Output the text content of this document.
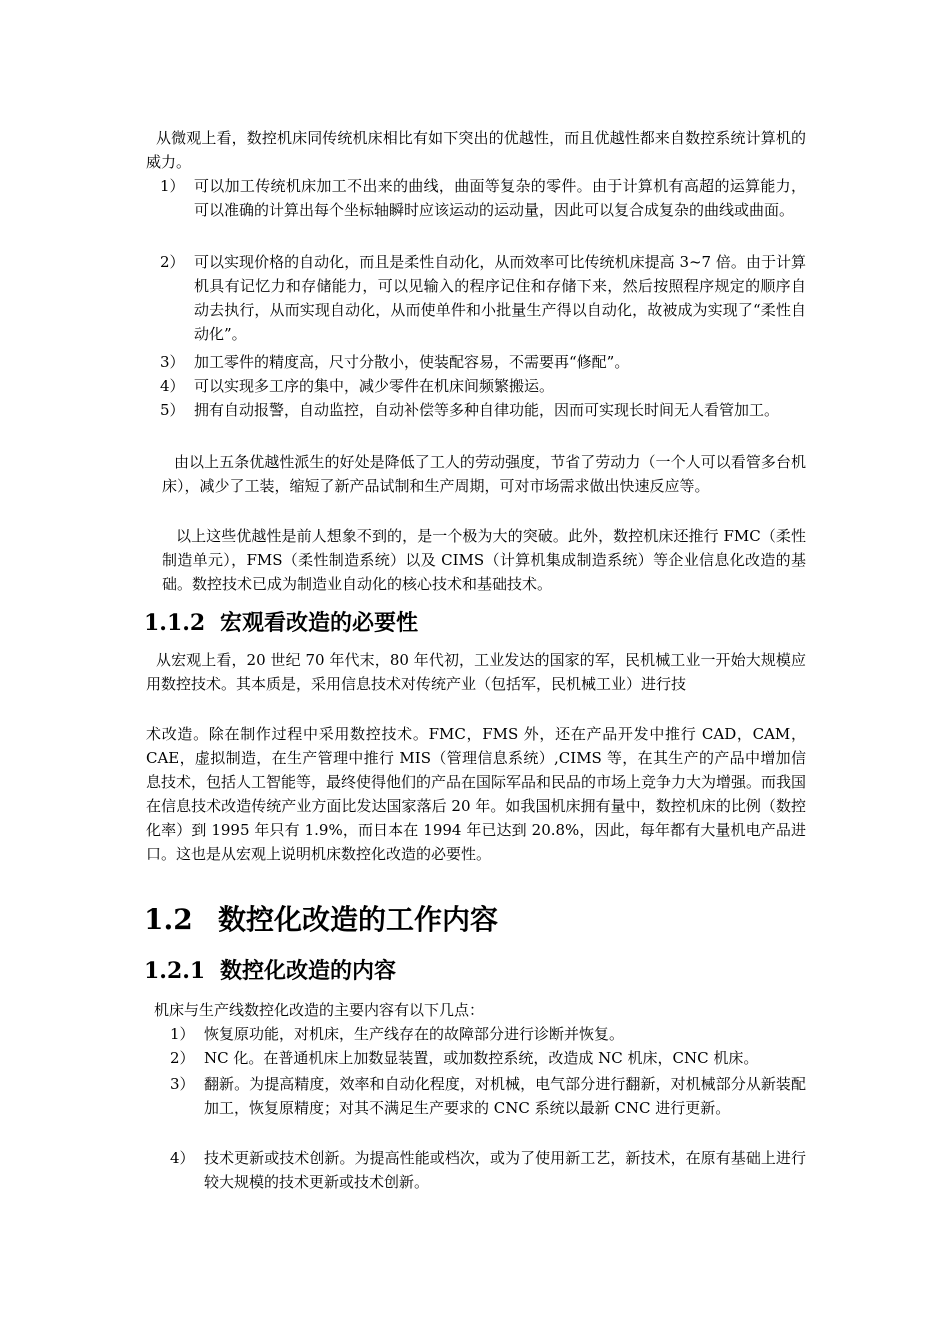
从微观上看，数控机床同传统机床相比有如下突出的优越性，而且优越性都来自数控系统计算机的威力。

1） 可以加工传统机床加工不出来的曲线，曲面等复杂的零件。由于计算机有高超的运算能力，可以准确的计算出每个坐标轴瞬时应该运动的运动量，因此可以复合成复杂的曲线或曲面。
2） 可以实现价格的自动化，而且是柔性自动化，从而效率可比传统机床提高 3~7 倍。由于计算机具有记忆力和存储能力，可以见输入的程序记住和存储下来，然后按照程序规定的顺序自动去执行，从而实现自动化，从而使单件和小批量生产得以自动化，故被成为实现了“柔性自动化”。
3） 加工零件的精度高，尺寸分散小，使装配容易，不需要再“修配”。
4） 可以实现多工序的集中，减少零件在机床间频繁搬运。
5） 拥有自动报警，自动监控，自动补偿等多种自律功能，因而可实现长时间无人看管加工。

由以上五条优越性派生的好处是降低了工人的劳动强度，节省了劳动力（一个人可以看管多台机床），减少了工装，缩短了新产品试制和生产周期，可对市场需求做出快速反应等。

以上这些优越性是前人想象不到的，是一个极为大的突破。此外，数控机床还推行 FMC（柔性制造单元），FMS（柔性制造系统）以及 CIMS（计算机集成制造系统）等企业信息化改造的基础。数控技术已成为制造业自动化的核心技术和基础技术。

1.1.2 宏观看改造的必要性

从宏观上看，20 世纪 70 年代末，80 年代初，工业发达的国家的军，民机械工业一开始大规模应用数控技术。其本质是，采用信息技术对传统产业（包括军，民机械工业）进行技

术改造。除在制作过程中采用数控技术。FMC，FMS 外，还在产品开发中推行 CAD，CAM，CAE，虚拟制造，在生产管理中推行 MIS（管理信息系统）,CIMS 等，在其生产的产品中增加信息技术，包括人工智能等，最终使得他们的产品在国际军品和民品的市场上竞争力大为增强。而我国在信息技术改造传统产业方面比发达国家落后 20 年。如我国机床拥有量中，数控机床的比例（数控化率）到 1995 年只有 1.9%，而日本在 1994 年已达到 20.8%，因此，每年都有大量机电产品进口。这也是从宏观上说明机床数控化改造的必要性。

1.2 数控化改造的工作内容
1.2.1 数控化改造的内容

机床与生产线数控化改造的主要内容有以下几点：

1） 恢复原功能，对机床，生产线存在的故障部分进行诊断并恢复。
2） NC 化。在普通机床上加数显装置，或加数控系统，改造成 NC 机床，CNC 机床。
3） 翻新。为提高精度，效率和自动化程度，对机械，电气部分进行翻新，对机械部分从新装配加工，恢复原精度；对其不满足生产要求的 CNC 系统以最新 CNC 进行更新。
4） 技术更新或技术创新。为提高性能或档次，或为了使用新工艺，新技术，在原有基础上进行较大规模的技术更新或技术创新。
